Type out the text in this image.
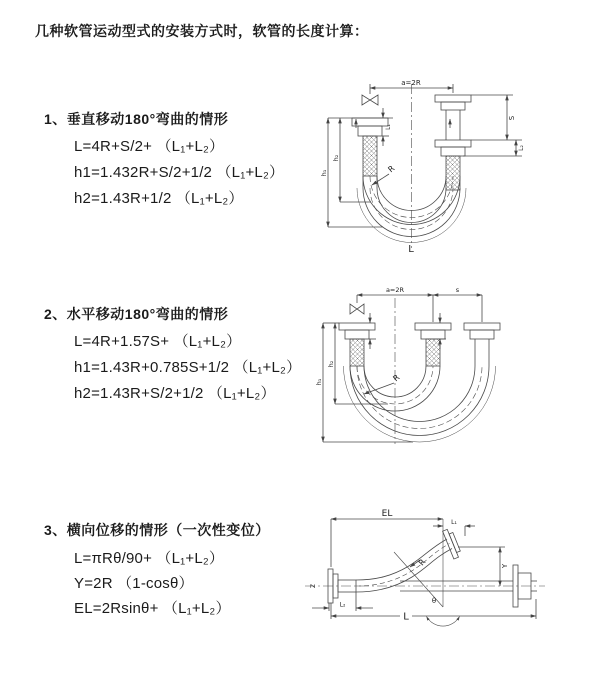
几种软管运动型式的安装方式时，软管的长度计算：
1、垂直移动180°弯曲的情形
L=4R+S/2+ （L₁+L₂）
h1=1.432R+S/2+1/2 （L₁+L₂）
h2=1.43R+1/2 （L₁+L₂）
2、水平移动180°弯曲的情形
L=4R+1.57S+ （L₁+L₂）
h1=1.43R+0.785S+1/2 （L₁+L₂）
h2=1.43R+S/2+1/2 （L₁+L₂）
3、横向位移的情形（一次性变位）
L=πRθ/90+ （L₁+L₂）
Y=2R （1-cosθ）
EL=2Rsinθ+ （L₁+L₂）
a=2R
L₁
h₂
h₁
S
L₂
R
L
a=2R	s
h₁
h₂
R
EL
L₁
Y
θ
R
L
L₂
Z
